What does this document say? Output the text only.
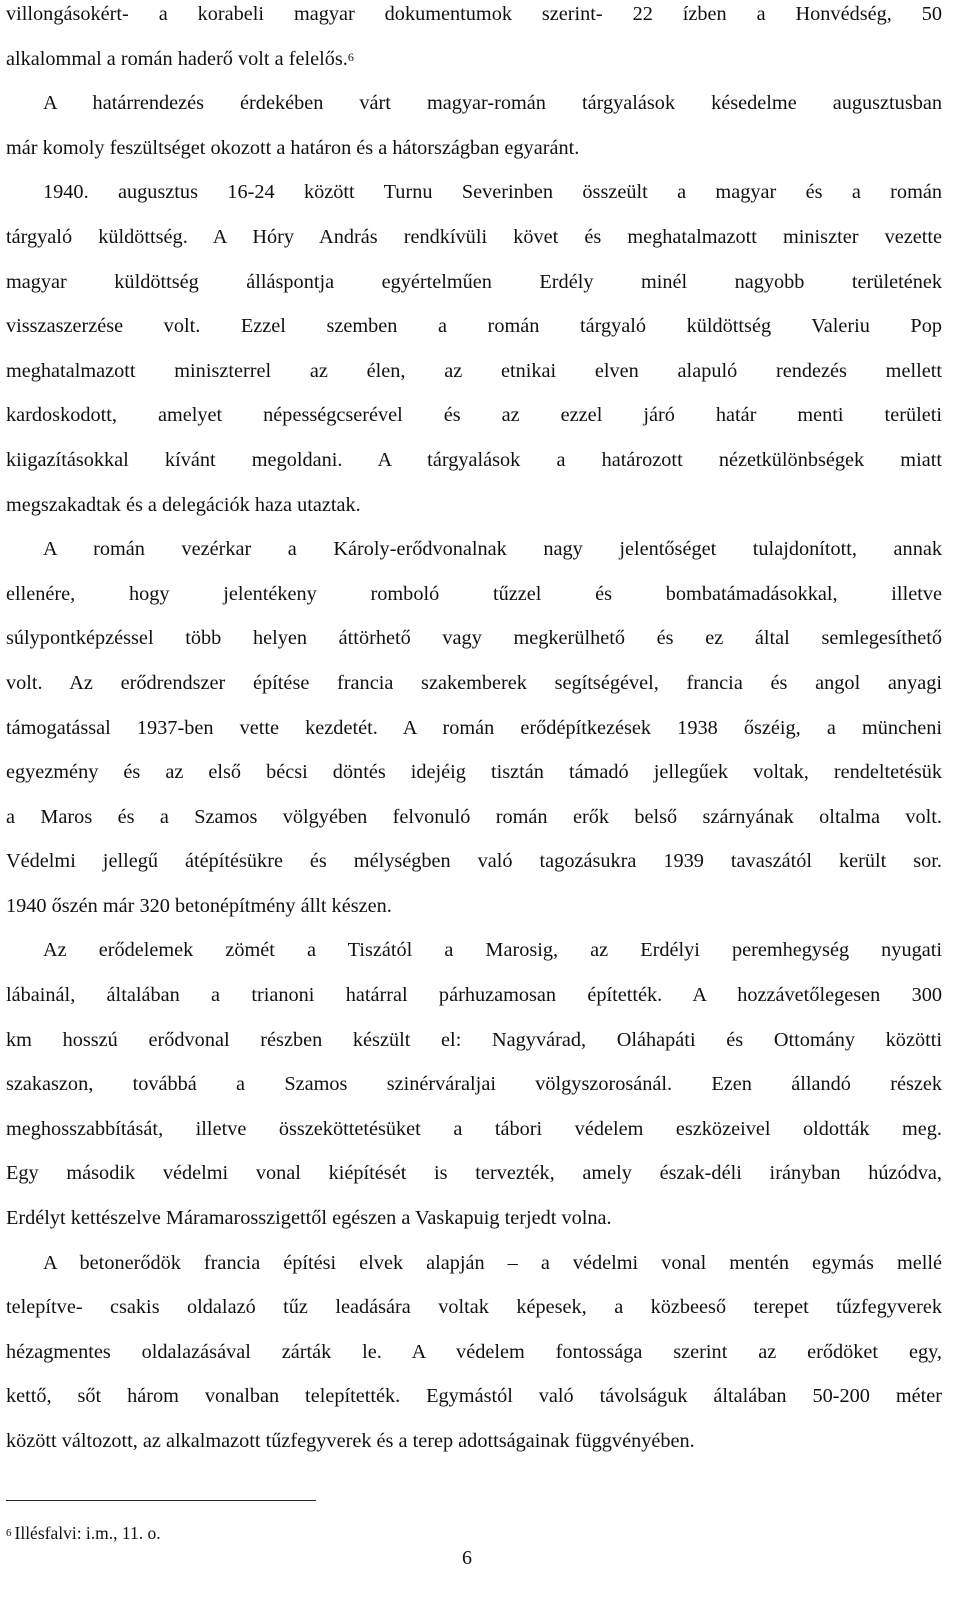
villongásokért- a korabeli magyar dokumentumok szerint- 22 ízben a Honvédség, 50
alkalommal a román haderő volt a felelős.$^6$

A határrendezés érdekében várt magyar-román tárgyalások késedelme augusztusban
már komoly feszültséget okozott a határon és a hátországban egyaránt.

1940. augusztus 16-24 között Turnu Severinben összeült a magyar és a román
tárgyaló küldöttség. A Hóry András rendkívüli követ és meghatalmazott miniszter vezette
magyar küldöttség álláspontja egyértelműen Erdély minél nagyobb területének
visszaszerzése volt. Ezzel szemben a román tárgyaló küldöttség Valeriu Pop
meghatalmazott miniszterrel az élen, az etnikai elven alapuló rendezés mellett
kardoskodott, amelyet népességcserével és az ezzel járó határ menti területi
kiigazításokkal kívánt megoldani. A tárgyalások a határozott nézetkülönbségek miatt
megszakadtak és a delegációk haza utaztak.

A román vezérkar a Károly-erődvonalnak nagy jelentőséget tulajdonított, annak
ellenére, hogy jelentékeny romboló tűzzel és bombatámadásokkal, illetve
súlypontképzéssel több helyen áttörhető vagy megkerülhető és ez által semlegesíthető
volt. Az erődrendszer építése francia szakemberek segítségével, francia és angol anyagi
támogatással 1937-ben vette kezdetét. A román erődépítkezések 1938 őszéig, a müncheni
egyezmény és az első bécsi döntés idejéig tisztán támadó jellegűek voltak, rendeltetésük
a Maros és a Szamos völgyében felvonuló román erők belső szárnyának oltalma volt.
Védelmi jellegű átépítésükre és mélységben való tagozásukra 1939 tavaszától került sor.
1940 őszén már 320 betonépítmény állt készen.

Az erődelemek zömét a Tiszától a Marosig, az Erdélyi peremhegység nyugati
lábainál, általában a trianoni határral párhuzamosan építették. A hozzávetőlegesen 300
km hosszú erődvonal részben készült el: Nagyvárad, Oláhapáti és Ottomány közötti
szakaszon, továbbá a Szamos szinérváraljai völgyszorosánál. Ezen állandó részek
meghosszabbítását, illetve összeköttetésüket a tábori védelem eszközeivel oldották meg.
Egy második védelmi vonal kiépítését is tervezték, amely észak-déli irányban húzódva,
Erdélyt kettészelve Máramarosszigettől egészen a Vaskapuig terjedt volna.

A betonerődök francia építési elvek alapján – a védelmi vonal mentén egymás mellé
telepítve- csakis oldalazó tűz leadására voltak képesek, a közbeeső terepet tűzfegyverek
hézagmentes oldalazásával zárták le. A védelem fontossága szerint az erődöket egy,
kettő, sőt három vonalban telepítették. Egymástól való távolságuk általában 50-200 méter
között változott, az alkalmazott tűzfegyverek és a terep adottságainak függvényében.

$^6$ Illésfalvi: i.m., 11. o.
6
